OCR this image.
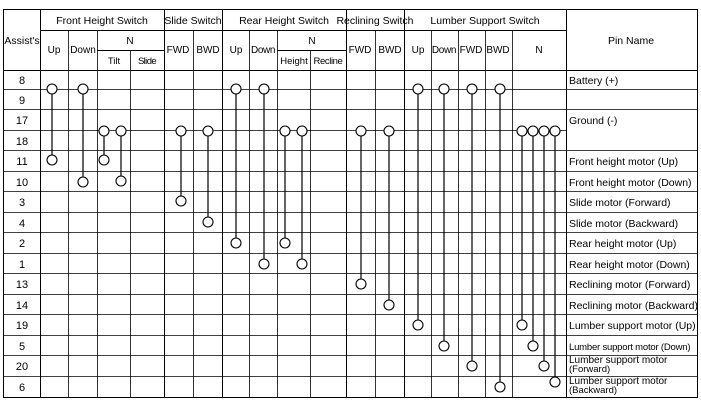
Assist's
Front Height Switch Slide Switch Rear Height Switch Reclining Switch Lumber Support Switch
Pin Name
Up Down
N
Tilt Slide
FWD BWD Up Down
N
Height Recline
FWD BWD Up Down FWD BWD	N
8
9
17
18
11
10
3
4
2
1
13
14
19
5
20
6
Battery (+)
Ground (-)
Front height motor (Up)
Front height motor (Down)
Slide motor (Forward)
Slide motor (Backward)
Rear height motor (Up)
Rear height motor (Down)
Reclining motor (Forward)
Reclining motor (Backward)
Lumber support motor (Up)
Lumber support motor (Down)
Lumber support motor
(Forward)
Lumber support motor
(Backward)
